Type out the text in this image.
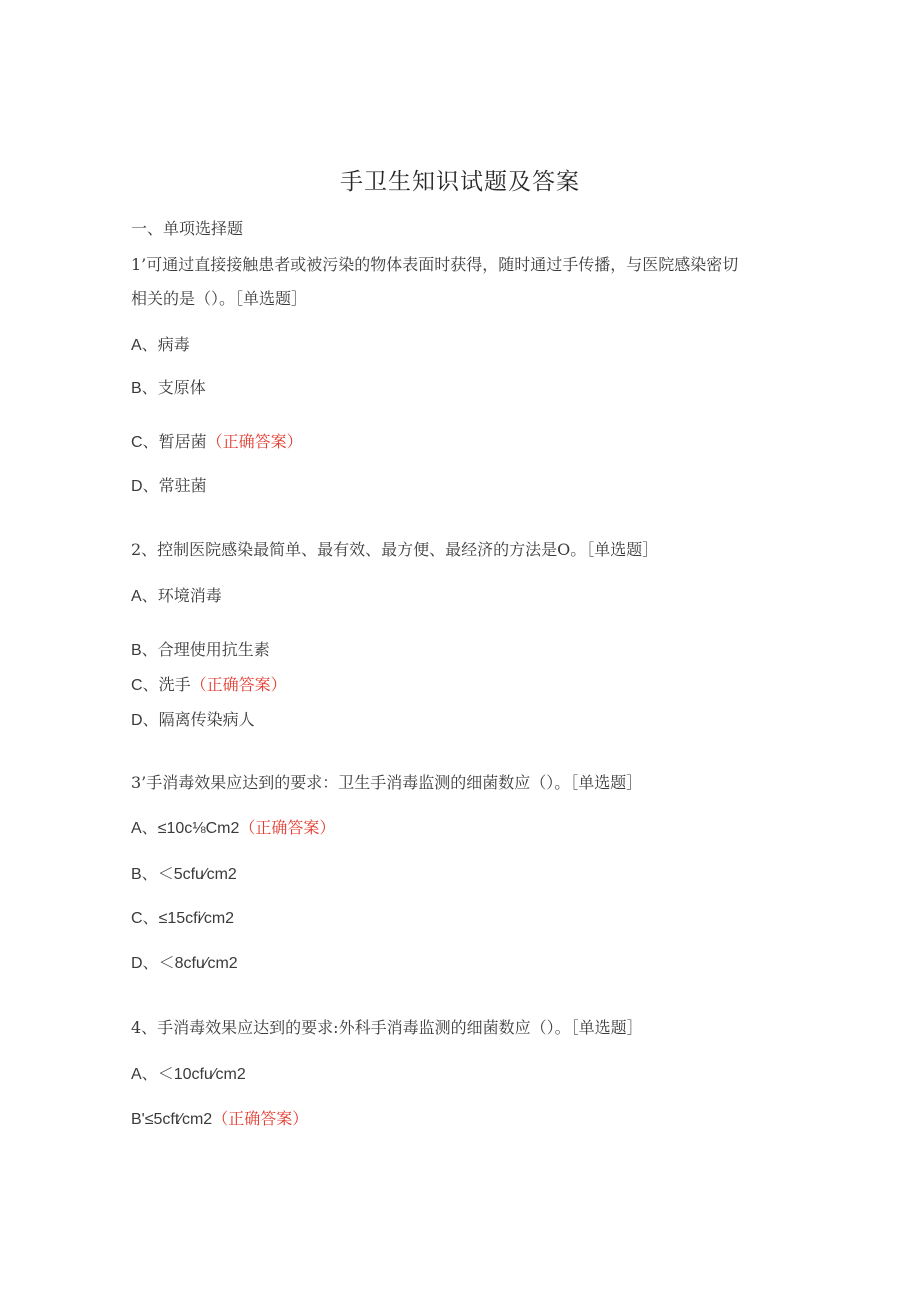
手卫生知识试题及答案
一、单项选择题
1’可通过直接接触患者或被污染的物体表面时获得，随时通过手传播，与医院感染密切
相关的是（）。［单选题］
A、病毒
B、支原体
C、暂居菌（正确答案）
D、常驻菌
2、控制医院感染最简单、最有效、最方便、最经济的方法是O。［单选题］
A、环境消毒
B、合理使用抗生素
C、洗手（正确答案）
D、隔离传染病人
3’手消毒效果应达到的要求：卫生手消毒监测的细菌数应（）。［单选题］
A、≤10c⅛Cm2（正确答案）
B、＜5cfu∕cm2
C、≤15cfi∕cm2
D、＜8cfu∕cm2
4、手消毒效果应达到的要求:外科手消毒监测的细菌数应（）。［单选题］
A、＜10cfu∕cm2
B'≤5cft∕cm2（正确答案）
